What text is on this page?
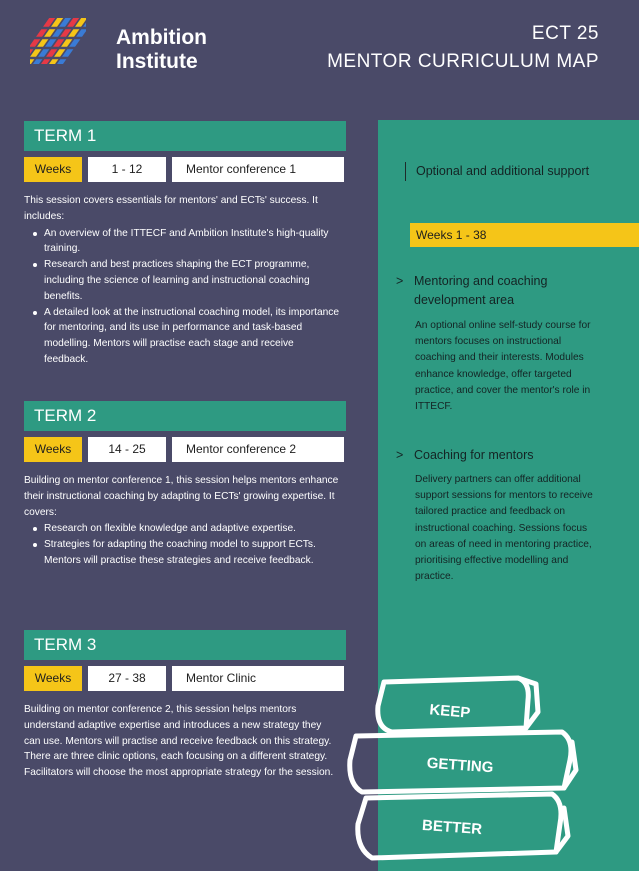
Ambition
Institute
ECT 25
MENTOR CURRICULUM MAP
TERM 1
Weeks	1 - 12	Mentor conference 1

This session covers essentials for mentors' and ECTs' success. It includes:

An overview of the ITTECF and Ambition Institute's high-quality training.
Research and best practices shaping the ECT programme, including the science of learning and instructional coaching benefits.
A detailed look at the instructional coaching model, its importance for mentoring, and its use in performance and task-based modelling. Mentors will practise each stage and receive feedback.
TERM 2
Weeks	14 - 25	Mentor conference 2

Building on mentor conference 1, this session helps mentors enhance their instructional coaching by adapting to ECTs' growing expertise. It covers:

Research on flexible knowledge and adaptive expertise.
Strategies for adapting the coaching model to support ECTs. Mentors will practise these strategies and receive feedback.
TERM 3
Weeks	27 - 38	Mentor Clinic

Building on mentor conference 2, this session helps mentors understand adaptive expertise and introduces a new strategy they can use. Mentors will practise and receive feedback on this strategy. There are three clinic options, each focusing on a different strategy. Facilitators will choose the most appropriate strategy for the session.

Optional and additional support
Weeks 1 - 38
> Mentoring and coaching development area
An optional online self-study course for mentors focuses on instructional coaching and their interests. Modules enhance knowledge, offer targeted practice, and cover the mentor's role in ITTECF.
> Coaching for mentors
Delivery partners can offer additional support sessions for mentors to receive tailored practice and feedback on instructional coaching. Sessions focus on areas of need in mentoring practice, prioritising effective modelling and practice.
KEEP
GETTING
BETTER
